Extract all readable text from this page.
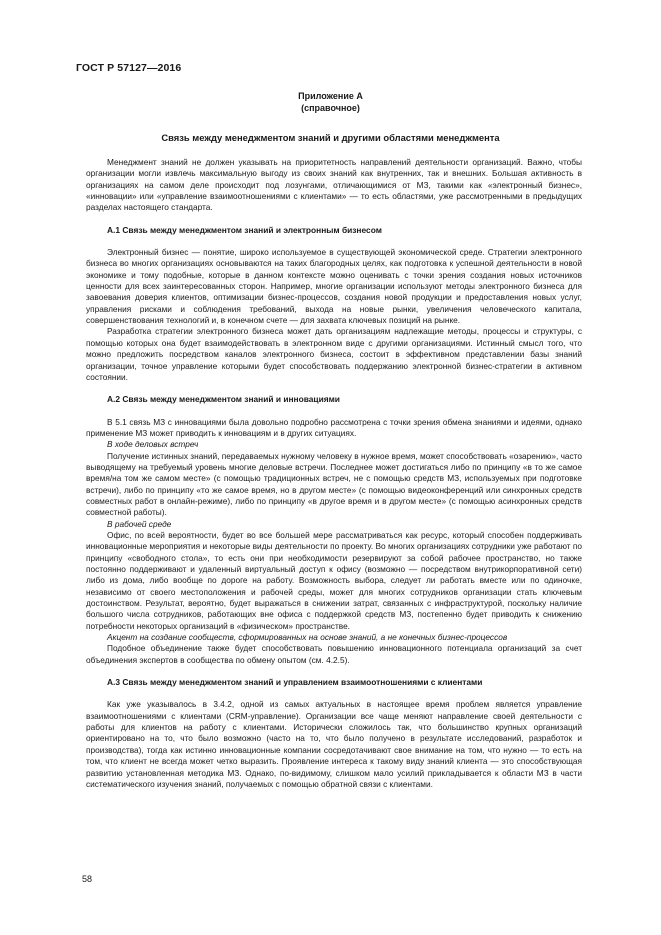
ГОСТ Р 57127—2016
Приложение А
(справочное)
Связь между менеджментом знаний и другими областями менеджмента

Менеджмент знаний не должен указывать на приоритетность направлений деятельности организаций. Важно, чтобы организации могли извлечь максимальную выгоду из своих знаний как внутренних, так и внешних. Большая активность в организациях на самом деле происходит под лозунгами, отличающимися от МЗ, такими как «электронный бизнес», «инновации» или «управление взаимоотношениями с клиентами» — то есть областями, уже рассмотренными в предыдущих разделах настоящего стандарта.

А.1 Связь между менеджментом знаний и электронным бизнесом

Электронный бизнес — понятие, широко используемое в существующей экономической среде. Стратегии электронного бизнеса во многих организациях основываются на таких благородных целях, как подготовка к успешной деятельности в новой экономике и тому подобные, которые в данном контексте можно оценивать с точки зрения создания новых источников ценности для всех заинтересованных сторон. Например, многие организации используют методы электронного бизнеса для завоевания доверия клиентов, оптимизации бизнес-процессов, создания новой продукции и предоставления новых услуг, управления рисками и соблюдения требований, выхода на новые рынки, увеличения человеческого капитала, совершенствования технологий и, в конечном счете — для захвата ключевых позиций на рынке.

Разработка стратегии электронного бизнеса может дать организациям надлежащие методы, процессы и структуры, с помощью которых она будет взаимодействовать в электронном виде с другими организациями. Истинный смысл того, что можно предложить посредством каналов электронного бизнеса, состоит в эффективном представлении базы знаний организации, точное управление которыми будет способствовать поддержанию электронной бизнес-стратегии в активном состоянии.

А.2 Связь между менеджментом знаний и инновациями

В 5.1 связь МЗ с инновациями была довольно подробно рассмотрена с точки зрения обмена знаниями и идеями, однако применение МЗ может приводить к инновациям и в других ситуациях.

В ходе деловых встреч

Получение истинных знаний, передаваемых нужному человеку в нужное время, может способствовать «озарению», часто выводящему на требуемый уровень многие деловые встречи. Последнее может достигаться либо по принципу «в то же самое время/на том же самом месте» (с помощью традиционных встреч, не с помощью средств МЗ, используемых при подготовке встречи), либо по принципу «то же самое время, но в другом месте» (с помощью видеоконференций или синхронных средств совместных работ в онлайн-режиме), либо по принципу «в другое время и в другом месте» (с помощью асинхронных средств совместной работы).

В рабочей среде

Офис, по всей вероятности, будет во все большей мере рассматриваться как ресурс, который способен поддерживать инновационные мероприятия и некоторые виды деятельности по проекту. Во многих организациях сотрудники уже работают по принципу «свободного стола», то есть они при необходимости резервируют за собой рабочее пространство, но также постоянно поддерживают и удаленный виртуальный доступ к офису (возможно — посредством внутрикорпоративной сети) либо из дома, либо вообще по дороге на работу. Возможность выбора, следует ли работать вместе или по одиночке, независимо от своего местоположения и рабочей среды, может для многих сотрудников организации стать ключевым достоинством. Результат, вероятно, будет выражаться в снижении затрат, связанных с инфраструктурой, поскольку наличие большого числа сотрудников, работающих вне офиса с поддержкой средств МЗ, постепенно будет приводить к снижению потребности некоторых организаций в «физическом» пространстве.

Акцент на создание сообществ, сформированных на основе знаний, а не конечных бизнес-процессов

Подобное объединение также будет способствовать повышению инновационного потенциала организаций за счет объединения экспертов в сообщества по обмену опытом (см. 4.2.5).

А.3 Связь между менеджментом знаний и управлением взаимоотношениями с клиентами

Как уже указывалось в 3.4.2, одной из самых актуальных в настоящее время проблем является управление взаимоотношениями с клиентами (CRM-управление). Организации все чаще меняют направление своей деятельности с работы для клиентов на работу с клиентами. Исторически сложилось так, что большинство крупных организаций ориентировано на то, что было возможно (часто на то, что было получено в результате исследований, разработок и производства), тогда как истинно инновационные компании сосредотачивают свое внимание на том, что нужно — то есть на том, что клиент не всегда может четко выразить. Проявление интереса к такому виду знаний клиента — это способствующая развитию установленная методика МЗ. Однако, по-видимому, слишком мало усилий прикладывается к области МЗ в части систематического изучения знаний, получаемых с помощью обратной связи с клиентами.

58
